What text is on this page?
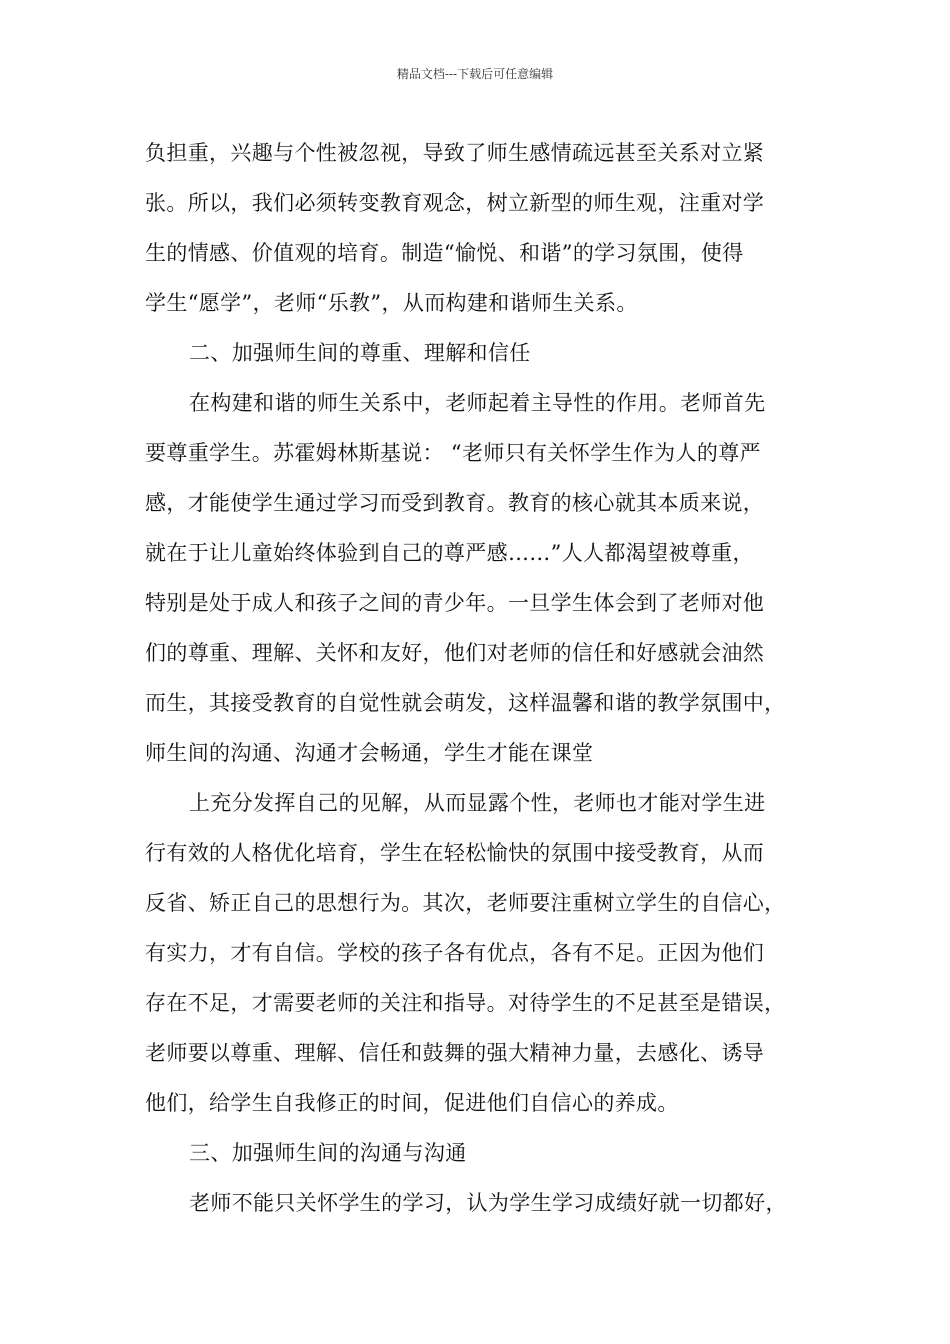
精品文档---下载后可任意编辑
负担重，兴趣与个性被忽视，导致了师生感情疏远甚至关系对立紧
张。所以，我们必须转变教育观念，树立新型的师生观，注重对学
生的情感、价值观的培育。制造“愉悦、和谐”的学习氛围，使得
学生“愿学”，老师“乐教”，从而构建和谐师生关系。
二、加强师生间的尊重、理解和信任
在构建和谐的师生关系中，老师起着主导性的作用。老师首先
要尊重学生。苏霍姆林斯基说： “老师只有关怀学生作为人的尊严
感，才能使学生通过学习而受到教育。教育的核心就其本质来说，
就在于让儿童始终体验到自己的尊严感……”人人都渴望被尊重，
特别是处于成人和孩子之间的青少年。一旦学生体会到了老师对他
们的尊重、理解、关怀和友好，他们对老师的信任和好感就会油然
而生，其接受教育的自觉性就会萌发，这样温馨和谐的教学氛围中，
师生间的沟通、沟通才会畅通，学生才能在课堂
上充分发挥自己的见解，从而显露个性，老师也才能对学生进
行有效的人格优化培育，学生在轻松愉快的氛围中接受教育，从而
反省、矫正自己的思想行为。其次，老师要注重树立学生的自信心，
有实力，才有自信。学校的孩子各有优点，各有不足。正因为他们
存在不足，才需要老师的关注和指导。对待学生的不足甚至是错误，
老师要以尊重、理解、信任和鼓舞的强大精神力量，去感化、诱导
他们，给学生自我修正的时间，促进他们自信心的养成。
三、加强师生间的沟通与沟通
老师不能只关怀学生的学习，认为学生学习成绩好就一切都好，
